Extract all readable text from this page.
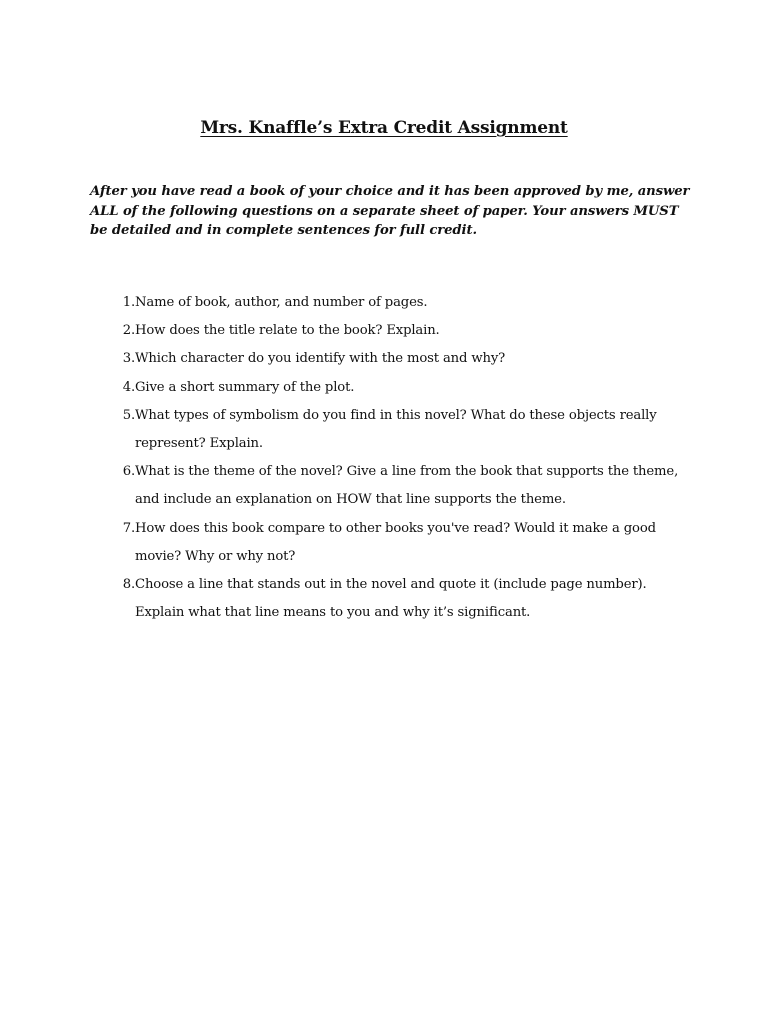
Mrs. Knaffle’s Extra Credit Assignment
After you have read a book of your choice and it has been approved by me, answer ALL of the following questions on a separate sheet of paper. Your answers MUST be detailed and in complete sentences for full credit.
1. Name of book, author, and number of pages.
2. How does the title relate to the book? Explain.
3. Which character do you identify with the most and why?
4. Give a short summary of the plot.
5. What types of symbolism do you find in this novel? What do these objects really represent? Explain.
6. What is the theme of the novel? Give a line from the book that supports the theme, and include an explanation on HOW that line supports the theme.
7. How does this book compare to other books you've read? Would it make a good movie? Why or why not?
8. Choose a line that stands out in the novel and quote it (include page number). Explain what that line means to you and why it’s significant.
